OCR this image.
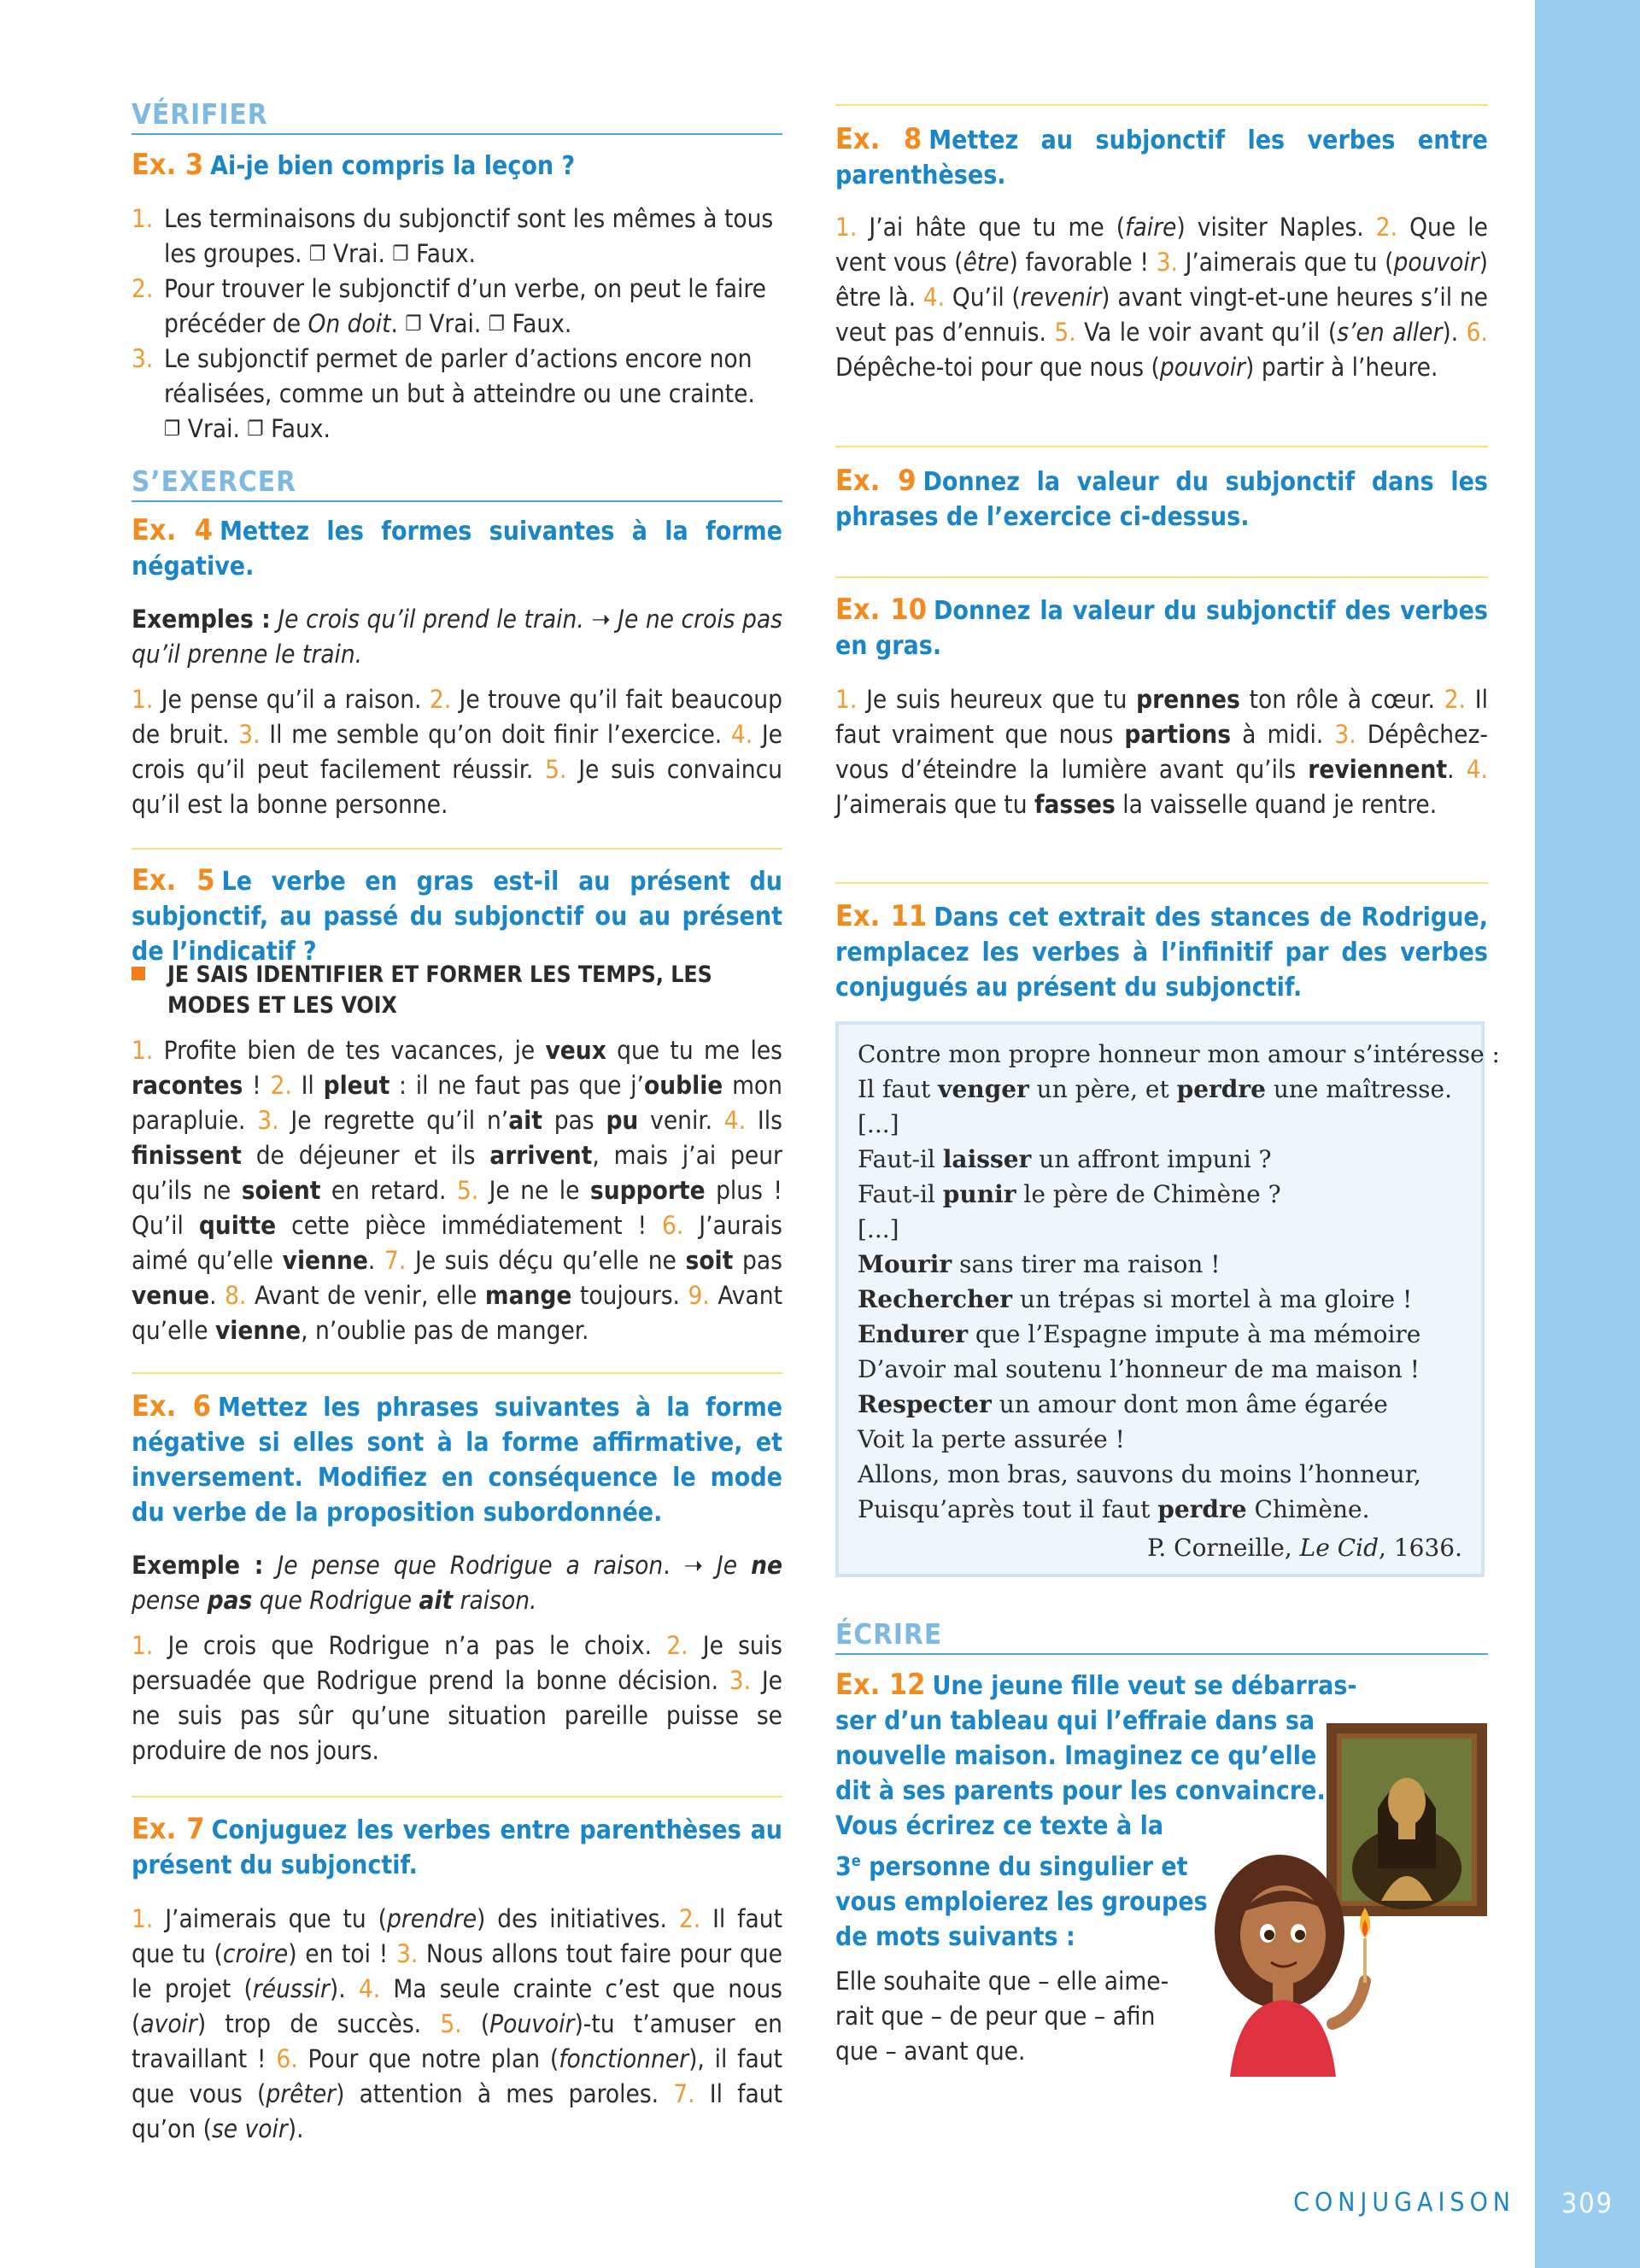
VÉRIFIER
Ex. 3 Ai-je bien compris la leçon ?
1. Les terminaisons du subjonctif sont les mêmes à tous les groupes. ❐ Vrai. ❐ Faux.
2. Pour trouver le subjonctif d’un verbe, on peut le faire précéder de On doit. ❐ Vrai. ❐ Faux.
3. Le subjonctif permet de parler d’actions encore non réalisées, comme un but à atteindre ou une crainte.
❐ Vrai. ❐ Faux.
S’EXERCER
Ex. 4 Mettez les formes suivantes à la forme négative.
Exemples : Je crois qu’il prend le train. ➝ Je ne crois pas qu’il prenne le train.
1. Je pense qu’il a raison. 2. Je trouve qu’il fait beaucoup de bruit. 3. Il me semble qu’on doit finir l’exercice. 4. Je crois qu’il peut facilement réussir. 5. Je suis convaincu qu’il est la bonne personne.
Ex. 5 Le verbe en gras est-il au présent du subjonctif, au passé du subjonctif ou au présent de l’indicatif ?
JE SAIS IDENTIFIER ET FORMER LES TEMPS, LES MODES ET LES VOIX
1. Profite bien de tes vacances, je veux que tu me les racontes ! 2. Il pleut : il ne faut pas que j’oublie mon parapluie. 3. Je regrette qu’il n’ait pas pu venir. 4. Ils finissent de déjeuner et ils arrivent, mais j’ai peur qu’ils ne soient en retard. 5. Je ne le supporte plus ! Qu’il quitte cette pièce immédiatement ! 6. J’aurais aimé qu’elle vienne. 7. Je suis déçu qu’elle ne soit pas venue. 8. Avant de venir, elle mange toujours. 9. Avant qu’elle vienne, n’oublie pas de manger.
Ex. 6 Mettez les phrases suivantes à la forme négative si elles sont à la forme affirmative, et inversement. Modifiez en conséquence le mode du verbe de la proposition subordonnée.
Exemple : Je pense que Rodrigue a raison. ➝ Je ne pense pas que Rodrigue ait raison.
1. Je crois que Rodrigue n’a pas le choix. 2. Je suis persuadée que Rodrigue prend la bonne décision. 3. Je ne suis pas sûr qu’une situation pareille puisse se produire de nos jours.
Ex. 7 Conjuguez les verbes entre parenthèses au présent du subjonctif.
1. J’aimerais que tu (prendre) des initiatives. 2. Il faut que tu (croire) en toi ! 3. Nous allons tout faire pour que le projet (réussir). 4. Ma seule crainte c’est que nous (avoir) trop de succès. 5. (Pouvoir)-tu t’amuser en travaillant ! 6. Pour que notre plan (fonctionner), il faut que vous (prêter) attention à mes paroles. 7. Il faut qu’on (se voir).
Ex. 8 Mettez au subjonctif les verbes entre parenthèses.
1. J’ai hâte que tu me (faire) visiter Naples. 2. Que le vent vous (être) favorable ! 3. J’aimerais que tu (pouvoir) être là. 4. Qu’il (revenir) avant vingt-et-une heures s’il ne veut pas d’ennuis. 5. Va le voir avant qu’il (s’en aller). 6. Dépêche-toi pour que nous (pouvoir) partir à l’heure.
Ex. 9 Donnez la valeur du subjonctif dans les phrases de l’exercice ci-dessus.
Ex. 10 Donnez la valeur du subjonctif des verbes en gras.
1. Je suis heureux que tu prennes ton rôle à cœur. 2. Il faut vraiment que nous partions à midi. 3. Dépêchez-vous d’éteindre la lumière avant qu’ils reviennent. 4. J’aimerais que tu fasses la vaisselle quand je rentre.
Ex. 11 Dans cet extrait des stances de Rodrigue, remplacez les verbes à l’infinitif par des verbes conjugués au présent du subjonctif.
Contre mon propre honneur mon amour s’intéresse :
Il faut venger un père, et perdre une maîtresse.
[...]
Faut-il laisser un affront impuni ?
Faut-il punir le père de Chimène ?
[...]
Mourir sans tirer ma raison !
Rechercher un trépas si mortel à ma gloire !
Endurer que l’Espagne impute à ma mémoire
D’avoir mal soutenu l’honneur de ma maison !
Respecter un amour dont mon âme égarée
Voit la perte assurée !
Allons, mon bras, sauvons du moins l’honneur,
Puisqu’après tout il faut perdre Chimène.
P. Corneille, Le Cid, 1636.
ÉCRIRE
Ex. 12 Une jeune fille veut se débarras-
ser d’un tableau qui l’effraie dans sa
nouvelle maison. Imaginez ce qu’elle
dit à ses parents pour les convaincre.
Vous écrirez ce texte à la
3e personne du singulier et
vous emploierez les groupes
de mots suivants :
Elle souhaite que – elle aime-
rait que – de peur que – afin
que – avant que.
CONJUGAISON	309
